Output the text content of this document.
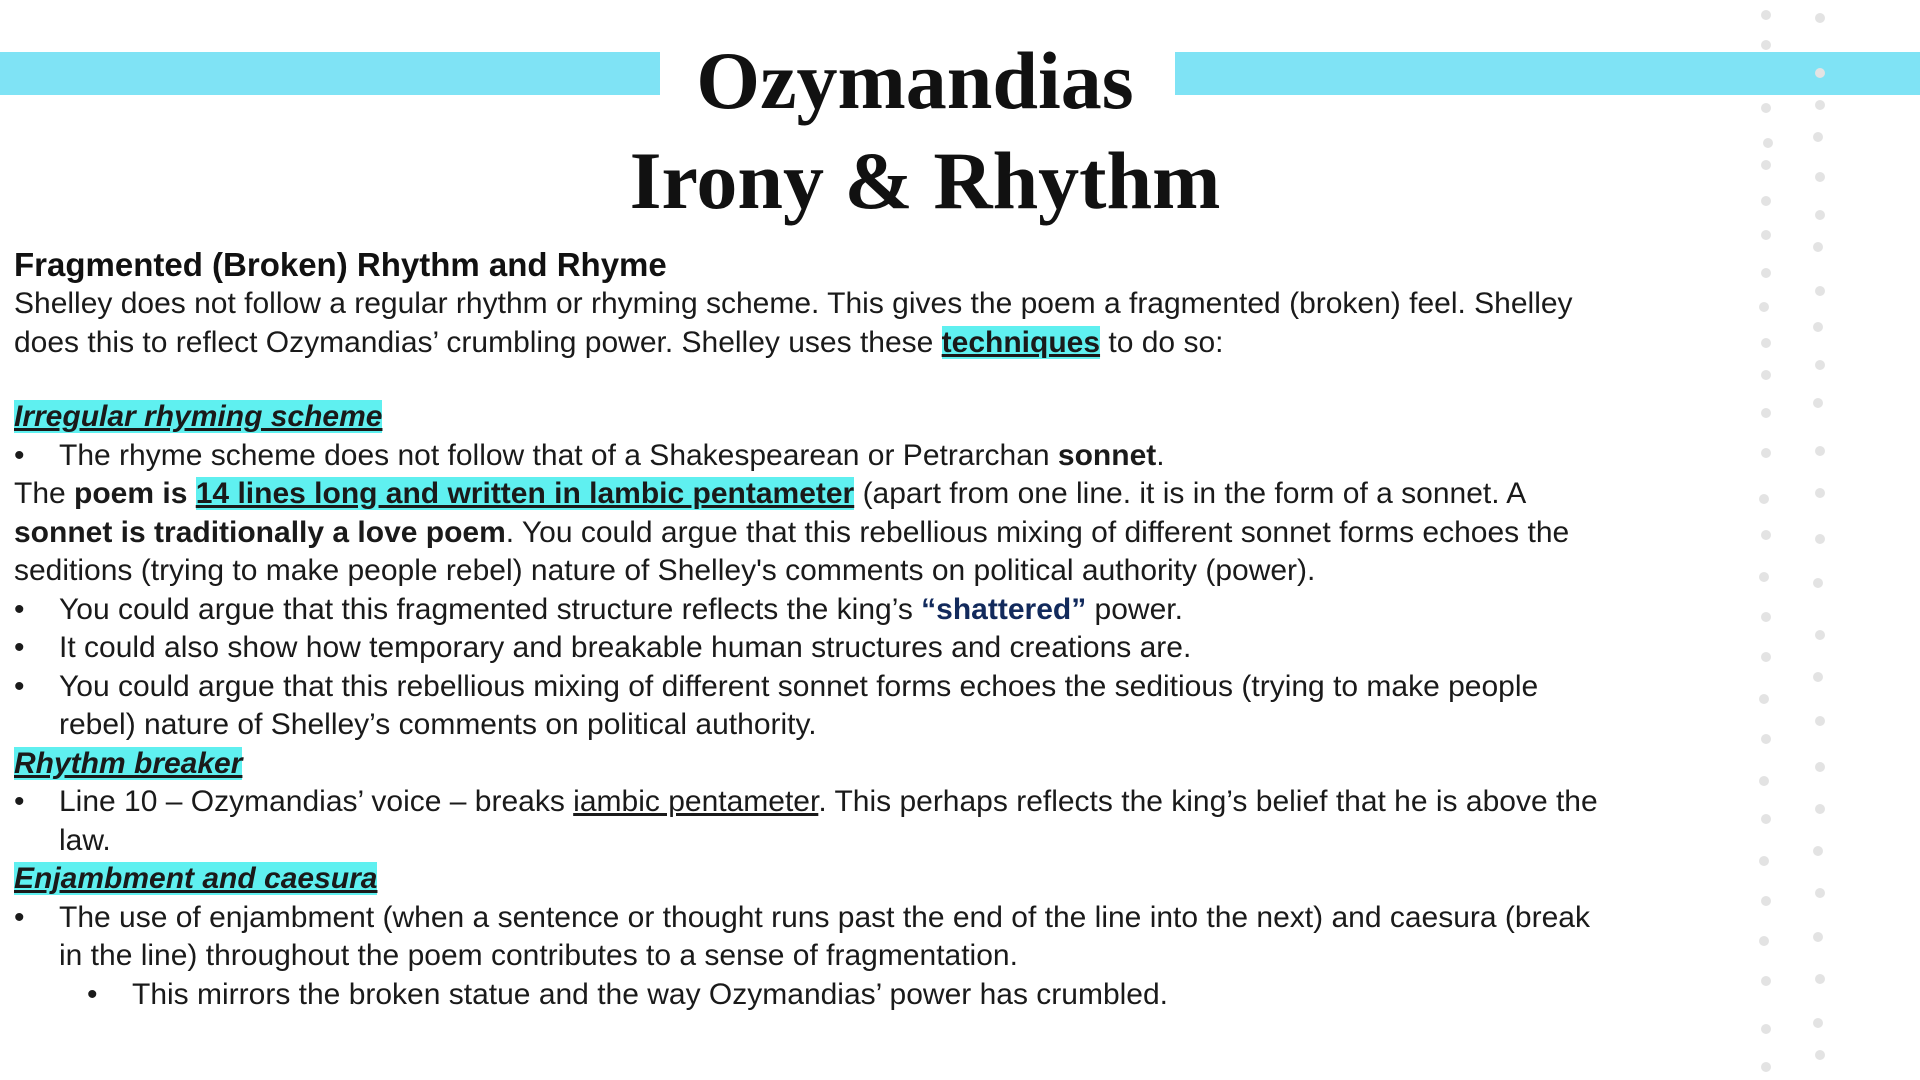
Ozymandias
Irony & Rhythm

Fragmented (Broken) Rhythm and Rhyme

Shelley does not follow a regular rhythm or rhyming scheme. This gives the poem a fragmented (broken) feel. Shelley does this to reflect Ozymandias’ crumbling power. Shelley uses these techniques to do so:

Irregular rhyming scheme

• The rhyme scheme does not follow that of a Shakespearean or Petrarchan sonnet.

The poem is 14 lines long and written in lambic pentameter (apart from one line. it is in the form of a sonnet. A sonnet is traditionally a love poem. You could argue that this rebellious mixing of different sonnet forms echoes the seditions (trying to make people rebel) nature of Shelley's comments on political authority (power).

• You could argue that this fragmented structure reflects the king’s “shattered” power.

• It could also show how temporary and breakable human structures and creations are.

• You could argue that this rebellious mixing of different sonnet forms echoes the seditious (trying to make people rebel) nature of Shelley’s comments on political authority.

Rhythm breaker

• Line 10 – Ozymandias’ voice – breaks iambic pentameter. This perhaps reflects the king’s belief that he is above the law.

Enjambment and caesura

• The use of enjambment (when a sentence or thought runs past the end of the line into the next) and caesura (break in the line) throughout the poem contributes to a sense of fragmentation.

• This mirrors the broken statue and the way Ozymandias’ power has crumbled.
